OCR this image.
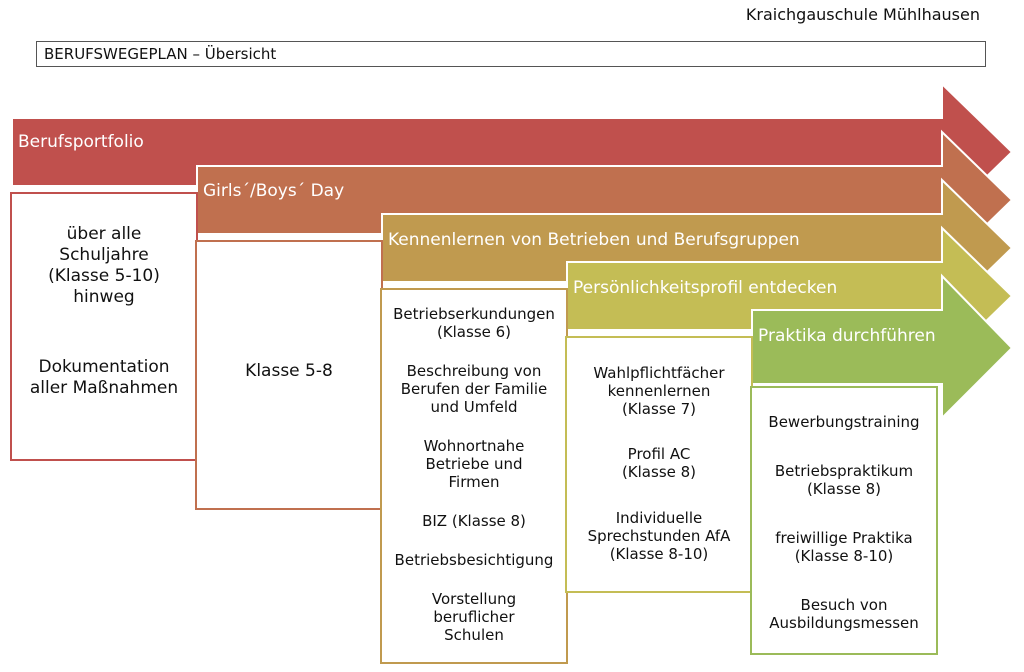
Kraichgauschule Mühlhausen
BERUFSWEGEPLAN – Übersicht
Berufsportfolio
Girls´/Boys´ Day
Kennenlernen von Betrieben und Berufsgruppen
Persönlichkeitsprofil entdecken
Praktika durchführen
über alle Schuljahre
(Klasse 5-10) hinweg
Dokumentation aller Maßnahmen
Klasse 5-8
Betriebserkundungen
(Klasse 6)
Beschreibung von Berufen der Familie und Umfeld
Wohnortnahe Betriebe und Firmen
BIZ (Klasse 8)
Betriebsbesichtigung
Vorstellung beruflicher Schulen
Wahlpflichtfächer kennenlernen
(Klasse 7)
Profil AC
(Klasse 8)
Individuelle Sprechstunden AfA
(Klasse 8-10)
Bewerbungstraining
Betriebspraktikum
(Klasse 8)
freiwillige Praktika
(Klasse 8-10)
Besuch von Ausbildungsmessen
